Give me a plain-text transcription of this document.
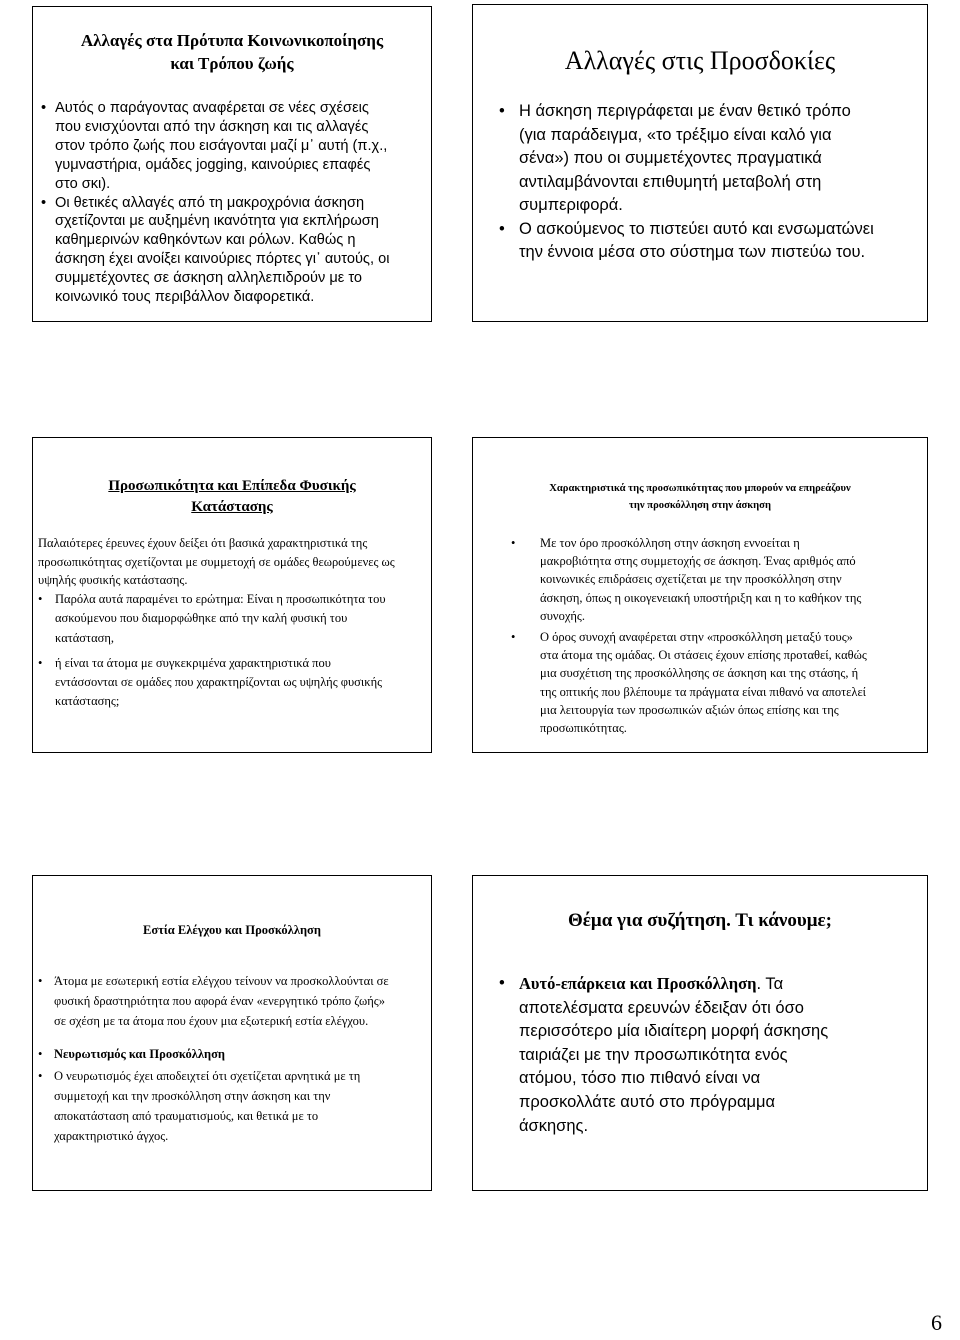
Αλλαγές στα Πρότυπα Κοινωνικοποίησης
και Τρόπου ζωής
• Αυτός ο παράγοντας αναφέρεται σε νέες σχέσεις που ενισχύονται από την άσκηση και τις αλλαγές στον τρόπο ζωής που εισάγονται μαζί μ᾽ αυτή (π.χ., γυμναστήρια, ομάδες jogging, καινούριες επαφές στο σκι).
• Οι θετικές αλλαγές από τη μακροχρόνια άσκηση σχετίζονται με αυξημένη ικανότητα για εκπλήρωση καθημερινών καθηκόντων και ρόλων. Καθώς η άσκηση έχει ανοίξει καινούριες πόρτες γι᾽ αυτούς, οι συμμετέχοντες σε άσκηση αλληλεπιδρούν με το κοινωνικό τους περιβάλλον διαφορετικά.
Αλλαγές στις Προσδοκίες
• Η άσκηση περιγράφεται με έναν θετικό τρόπο (για παράδειγμα, «το τρέξιμο είναι καλό για σένα») που οι συμμετέχοντες πραγματικά αντιλαμβάνονται επιθυμητή μεταβολή στη συμπεριφορά.
• Ο ασκούμενος το πιστεύει αυτό και ενσωματώνει την έννοια μέσα στο σύστημα των πιστεύω του.
Προσωπικότητα και Επίπεδα Φυσικής
Κατάστασης
Παλαιότερες έρευνες έχουν δείξει ότι βασικά χαρακτηριστικά της προσωπικότητας σχετίζονται με συμμετοχή σε ομάδες θεωρούμενες ως υψηλής φυσικής κατάστασης.
• Παρόλα αυτά παραμένει το ερώτημα: Είναι η προσωπικότητα του ασκούμενου που διαμορφώθηκε από την καλή φυσική του κατάσταση,
• ή είναι τα άτομα με συγκεκριμένα χαρακτηριστικά που εντάσσονται σε ομάδες που χαρακτηρίζονται ως υψηλής φυσικής κατάστασης;
Χαρακτηριστικά της προσωπικότητας που μπορούν να επηρεάζουν
την προσκόλληση στην άσκηση
• Με τον όρο προσκόλληση στην άσκηση εννοείται η μακροβιότητα στης συμμετοχής σε άσκηση. Ένας αριθμός από κοινωνικές επιδράσεις σχετίζεται με την προσκόλληση στην άσκηση, όπως η οικογενειακή υποστήριξη και η το καθήκον της συνοχής.
• Ο όρος συνοχή αναφέρεται στην «προσκόλληση μεταξύ τους» στα άτομα της ομάδας. Οι στάσεις έχουν επίσης προταθεί, καθώς μια συσχέτιση της προσκόλλησης σε άσκηση και της στάσης, ή της οπτικής που βλέπουμε τα πράγματα είναι πιθανό να αποτελεί μια λειτουργία των προσωπικών αξιών όπως επίσης και της προσωπικότητας.
Εστία Ελέγχου και Προσκόλληση
• Άτομα με εσωτερική εστία ελέγχου τείνουν να προσκολλούνται σε φυσική δραστηριότητα που αφορά έναν «ενεργητικό τρόπο ζωής» σε σχέση με τα άτομα που έχουν μια εξωτερική εστία ελέγχου.
• Νευρωτισμός και Προσκόλληση
• Ο νευρωτισμός έχει αποδειχτεί ότι σχετίζεται αρνητικά με τη συμμετοχή και την προσκόλληση στην άσκηση και την αποκατάσταση από τραυματισμούς, και θετικά με το χαρακτηριστικό άγχος.
Θέμα για συζήτηση. Τι κάνουμε;
• Αυτό-επάρκεια και Προσκόλληση. Τα αποτελέσματα ερευνών έδειξαν ότι όσο περισσότερο μία ιδιαίτερη μορφή άσκησης ταιριάζει με την προσωπικότητα ενός ατόμου, τόσο πιο πιθανό είναι να προσκολλάτε αυτό στο πρόγραμμα άσκησης.
6
